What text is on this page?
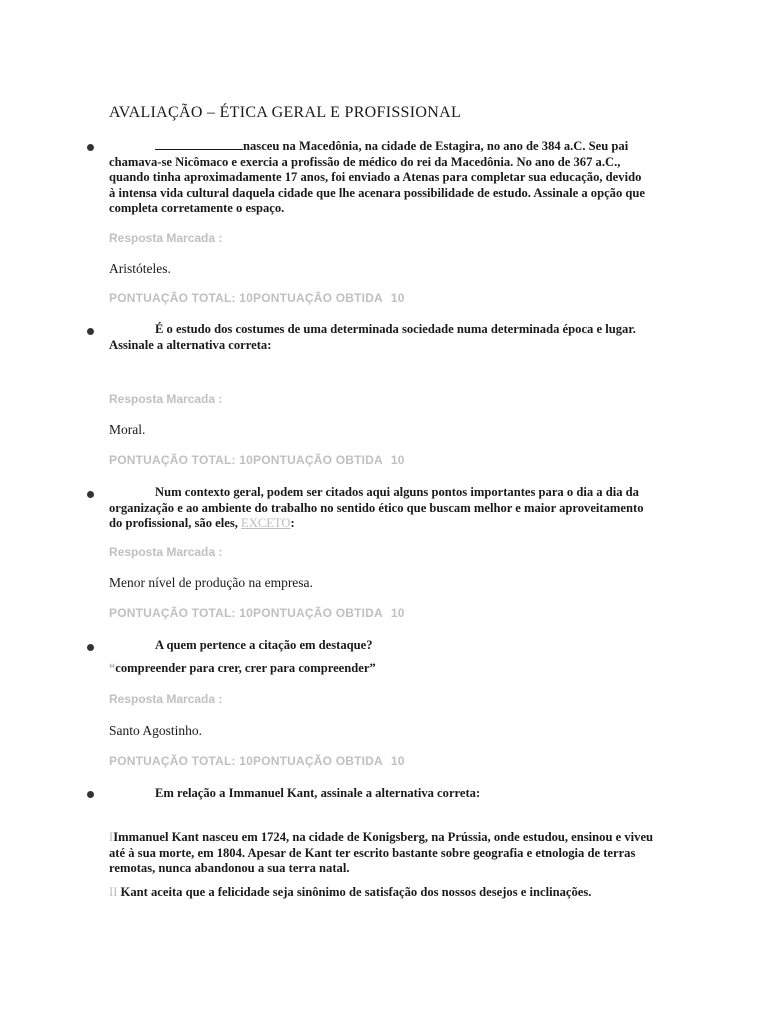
AVALIAÇÃO – ÉTICA GERAL E PROFISSIONAL
nasceu na Macedônia, na cidade de Estagira, no ano de 384 a.C. Seu pai chamava-se Nicômaco e exercia a profissão de médico do rei da Macedônia. No ano de 367 a.C., quando tinha aproximadamente 17 anos, foi enviado a Atenas para completar sua educação, devido à intensa vida cultural daquela cidade que lhe acenara possibilidade de estudo. Assinale a opção que completa corretamente o espaço.
Resposta Marcada :
Aristóteles.
PONTUAÇÃO TOTAL: 10PONTUAÇÃO OBTIDA 10
É o estudo dos costumes de uma determinada sociedade numa determinada época e lugar. Assinale a alternativa correta:
Resposta Marcada :
Moral.
PONTUAÇÃO TOTAL: 10PONTUAÇÃO OBTIDA 10
Num contexto geral, podem ser citados aqui alguns pontos importantes para o dia a dia da organização e ao ambiente do trabalho no sentido ético que buscam melhor e maior aproveitamento do profissional, são eles, EXCETO:
Resposta Marcada :
Menor nível de produção na empresa.
PONTUAÇÃO TOTAL: 10PONTUAÇÃO OBTIDA 10
A quem pertence a citação em destaque?
“compreender para crer, crer para compreender”
Resposta Marcada :
Santo Agostinho.
PONTUAÇÃO TOTAL: 10PONTUAÇÃO OBTIDA 10
Em relação a Immanuel Kant, assinale a alternativa correta:
IImmanuel Kant nasceu em 1724, na cidade de Konigsberg, na Prússia, onde estudou, ensinou e viveu até à sua morte, em 1804. Apesar de Kant ter escrito bastante sobre geografia e etnologia de terras remotas, nunca abandonou a sua terra natal.
II Kant aceita que a felicidade seja sinônimo de satisfação dos nossos desejos e inclinações.
